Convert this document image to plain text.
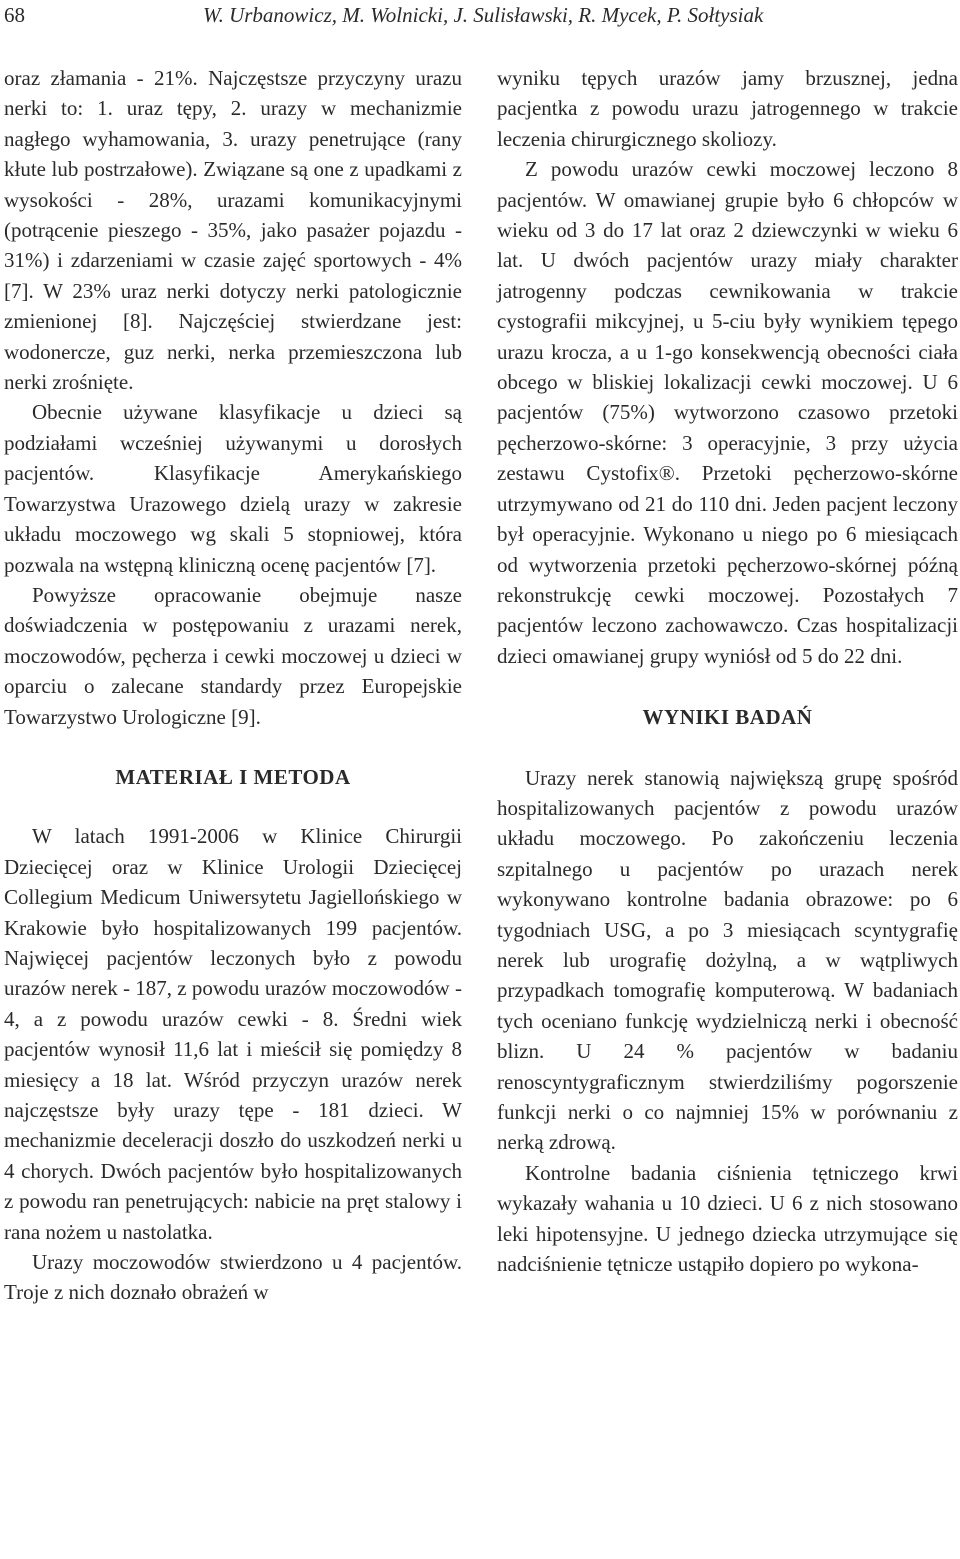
68	W. Urbanowicz, M. Wolnicki, J. Sulisławski, R. Mycek, P. Sołtysiak

oraz złamania - 21%. Najczęstsze przyczyny urazu nerki to: 1. uraz tępy, 2. urazy w mechanizmie nagłego wyhamowania, 3. urazy penetrujące (rany kłute lub postrzałowe). Związane są one z upadkami z wysokości - 28%, urazami komunikacyjnymi (potrącenie pieszego - 35%, jako pasażer pojazdu - 31%) i zdarzeniami w czasie zajęć sportowych - 4% [7]. W 23% uraz nerki dotyczy nerki patologicznie zmienionej [8]. Najczęściej stwierdzane jest: wodonercze, guz nerki, nerka przemieszczona lub nerki zrośnięte.

Obecnie używane klasyfikacje u dzieci są podziałami wcześniej używanymi u dorosłych pacjentów. Klasyfikacje Amerykańskiego Towarzystwa Urazowego dzielą urazy w zakresie układu moczowego wg skali 5 stopniowej, która pozwala na wstępną kliniczną ocenę pacjentów [7].

Powyższe opracowanie obejmuje nasze doświadczenia w postępowaniu z urazami nerek, moczowodów, pęcherza i cewki moczowej u dzieci w oparciu o zalecane standardy przez Europejskie Towarzystwo Urologiczne [9].

MATERIAŁ I METODA

W latach 1991-2006 w Klinice Chirurgii Dziecięcej oraz w Klinice Urologii Dziecięcej Collegium Medicum Uniwersytetu Jagiellońskiego w Krakowie było hospitalizowanych 199 pacjentów. Najwięcej pacjentów leczonych było z powodu urazów nerek - 187, z powodu urazów moczowodów - 4, a z powodu urazów cewki - 8. Średni wiek pacjentów wynosił 11,6 lat i mieścił się pomiędzy 8 miesięcy a 18 lat. Wśród przyczyn urazów nerek najczęstsze były urazy tępe - 181 dzieci. W mechanizmie deceleracji doszło do uszkodzeń nerki u 4 chorych. Dwóch pacjentów było hospitalizowanych z powodu ran penetrujących: nabicie na pręt stalowy i rana nożem u nastolatka.

Urazy moczowodów stwierdzono u 4 pacjentów. Troje z nich doznało obrażeń w

wyniku tępych urazów jamy brzusznej, jedna pacjentka z powodu urazu jatrogennego w trakcie leczenia chirurgicznego skoliozy.

Z powodu urazów cewki moczowej leczono 8 pacjentów. W omawianej grupie było 6 chłopców w wieku od 3 do 17 lat oraz 2 dziewczynki w wieku 6 lat. U dwóch pacjentów urazy miały charakter jatrogenny podczas cewnikowania w trakcie cystografii mikcyjnej, u 5-ciu były wynikiem tępego urazu krocza, a u 1-go konsekwencją obecności ciała obcego w bliskiej lokalizacji cewki moczowej. U 6 pacjentów (75%) wytworzono czasowo przetoki pęcherzowo-skórne: 3 operacyjnie, 3 przy użycia zestawu Cystofix®. Przetoki pęcherzowo-skórne utrzymywano od 21 do 110 dni. Jeden pacjent leczony był operacyjnie. Wykonano u niego po 6 miesiącach od wytworzenia przetoki pęcherzowo-skórnej późną rekonstrukcję cewki moczowej. Pozostałych 7 pacjentów leczono zachowawczo. Czas hospitalizacji dzieci omawianej grupy wyniósł od 5 do 22 dni.

WYNIKI BADAŃ

Urazy nerek stanowią największą grupę spośród hospitalizowanych pacjentów z powodu urazów układu moczowego. Po zakończeniu leczenia szpitalnego u pacjentów po urazach nerek wykonywano kontrolne badania obrazowe: po 6 tygodniach USG, a po 3 miesiącach scyntygrafię nerek lub urografię dożylną, a w wątpliwych przypadkach tomografię komputerową. W badaniach tych oceniano funkcję wydzielniczą nerki i obecność blizn. U 24 % pacjentów w badaniu renoscyntygraficznym stwierdziliśmy pogorszenie funkcji nerki o co najmniej 15% w porównaniu z nerką zdrową.

Kontrolne badania ciśnienia tętniczego krwi wykazały wahania u 10 dzieci. U 6 z nich stosowano leki hipotensyjne. U jednego dziecka utrzymujące się nadciśnienie tętnicze ustąpiło dopiero po wykona-
